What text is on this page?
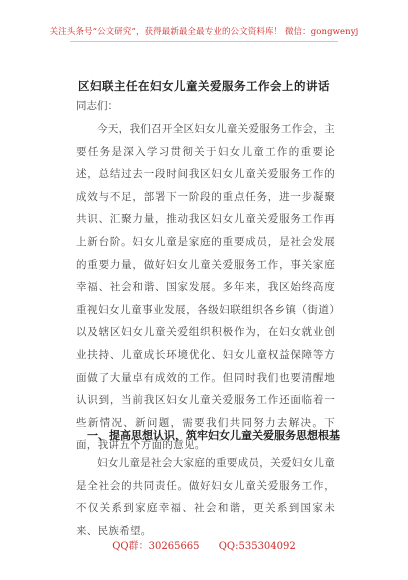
关注头条号“公文研究”，获得最新最全最专业的公文资料库！ 微信：gongwenyj
区妇联主任在妇女儿童关爱服务工作会上的讲话
同志们：
今天，我们召开全区妇女儿童关爱服务工作会，主要任务是深入学习贯彻关于妇女儿童工作的重要论述，总结过去一段时间我区妇女儿童关爱服务工作的成效与不足，部署下一阶段的重点任务，进一步凝聚共识、汇聚力量，推动我区妇女儿童关爱服务工作再上新台阶。妇女儿童是家庭的重要成员，是社会发展的重要力量，做好妇女儿童关爱服务工作，事关家庭幸福、社会和谐、国家发展。多年来，我区始终高度重视妇女儿童事业发展，各级妇联组织各乡镇（街道）以及辖区妇女儿童关爱组织积极作为，在妇女就业创业扶持、儿童成长环境优化、妇女儿童权益保障等方面做了大量卓有成效的工作。但同时我们也要清醒地认识到，当前我区妇女儿童关爱服务工作还面临着一些新情况、新问题，需要我们共同努力去解决。下面，我讲五个方面的意见。
一、提高思想认识，筑牢妇女儿童关爱服务思想根基
妇女儿童是社会大家庭的重要成员，关爱妇女儿童是全社会的共同责任。做好妇女儿童关爱服务工作，不仅关系到家庭幸福、社会和谐，更关系到国家未来、民族希望。
QQ群：30265665 QQ:535304092
